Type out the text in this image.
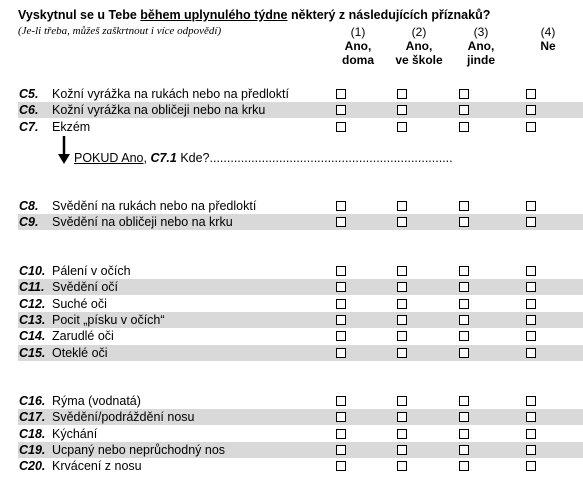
Vyskytnul se u Tebe během uplynulého týdne některý z následujících příznaků?
(Je-li třeba, můžeš zaškrtnout i více odpovědí)	(1)
Ano,
doma
(2)
Ano,
ve škole
(3)
Ano,
jinde
(4)
Ne
C5. Kožní vyrážka na rukách nebo na předloktí
C6. Kožní vyrážka na obličeji nebo na krku
C7. Ekzém
C8. Svědění na rukách nebo na předloktí
C9. Svědění na obličeji nebo na krku
C10. Pálení v očích
C11. Svědění očí
C12. Suché oči
C13. Pocit „písku v očích“
C14. Zarudlé oči
C15. Oteklé oči
C16. Rýma (vodnatá)
C17. Svědění/podráždění nosu
C18. Kýchání
C19. Ucpaný nebo neprůchodný nos
C20. Krvácení z nosu
POKUD Ano, C7.1 Kde?......................................................................
